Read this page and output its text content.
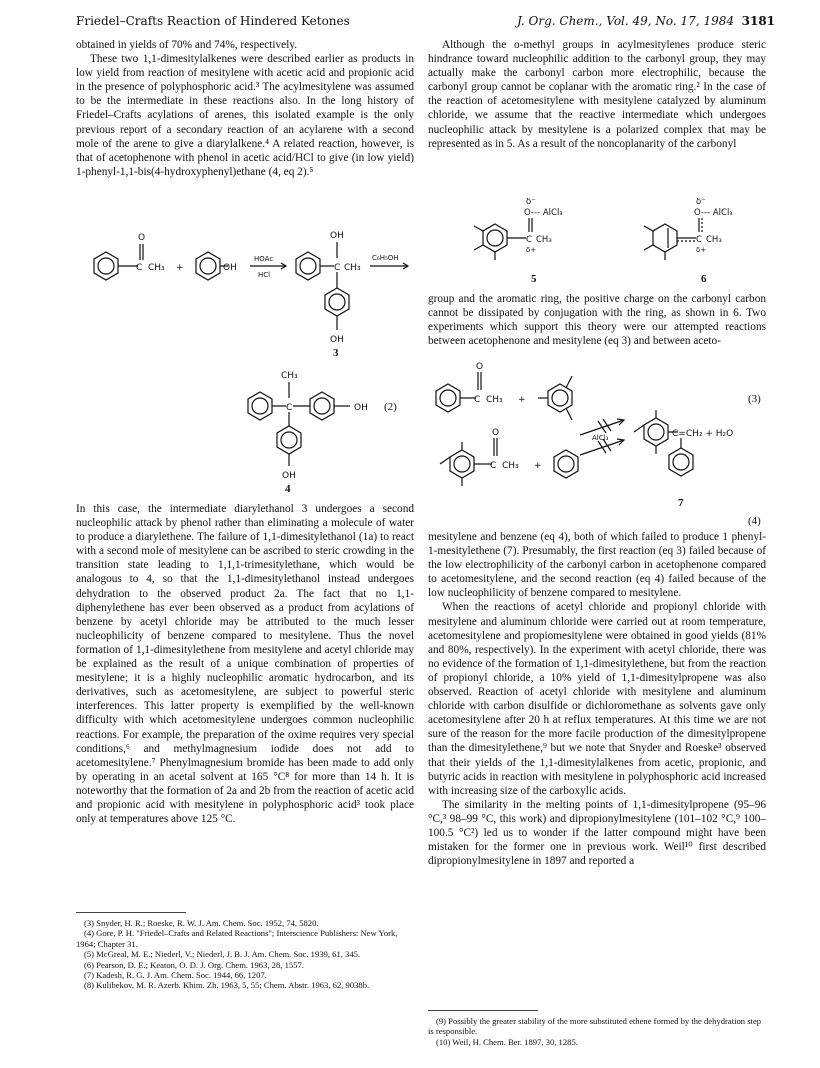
Friedel–Crafts Reaction of Hindered Ketones	J. Org. Chem., Vol. 49, No. 17, 1984 3181

obtained in yields of 70% and 74%, respectively.

These two 1,1-dimesitylalkenes were described earlier as products in low yield from reaction of mesitylene with acetic acid and propionic acid in the presence of polyphosphoric acid.³ The acylmesitylene was assumed to be the intermediate in these reactions also. In the long history of Friedel–Crafts acylations of arenes, this isolated example is the only previous report of a secondary reaction of an acylarene with a second mole of the arene to give a diarylalkene.⁴ A related reaction, however, is that of acetophenone with phenol in acetic acid/HCl to give (in low yield) 1-phenyl-1,1-bis(4-hydroxyphenyl)ethane (4, eq 2).⁵

O
C CH₃ +	OH
HOAc
HCl
OH
C CH₃
C₆H₅OH
OH
3
CH₃
C	OH (2)
OH
4

In this case, the intermediate diarylethanol 3 undergoes a second nucleophilic attack by phenol rather than eliminating a molecule of water to produce a diarylethene. The failure of 1,1-dimesitylethanol (1a) to react with a second mole of mesitylene can be ascribed to steric crowding in the transition state leading to 1,1,1-trimesitylethane, which would be analogous to 4, so that the 1,1-dimesitylethanol instead undergoes dehydration to the observed product 2a. The fact that no 1,1-diphenylethene has ever been observed as a product from acylations of benzene by acetyl chloride may be attributed to the much lesser nucleophilicity of benzene compared to mesitylene. Thus the novel formation of 1,1-dimesitylethene from mesitylene and acetyl chloride may be explained as the result of a unique combination of properties of mesitylene; it is a highly nucleophilic aromatic hydrocarbon, and its derivatives, such as acetomesitylene, are subject to powerful steric interferences. This latter property is exemplified by the well-known difficulty with which acetomesitylene undergoes common nucleophilic reactions. For example, the preparation of the oxime requires very special conditions,⁶ and methylmagnesium iodide does not add to acetomesitylene.⁷ Phenylmagnesium bromide has been made to add only by operating in an acetal solvent at 165 °C⁸ for more than 14 h. It is noteworthy that the formation of 2a and 2b from the reaction of acetic acid and propionic acid with mesitylene in polyphosphoric acid³ took place only at temperatures above 125 °C.

(3) Snyder, H. R.; Roeske, R. W. J. Am. Chem. Soc. 1952, 74, 5820.
(4) Gore, P. H. "Friedel–Crafts and Related Reactions"; Interscience Publishers: New York, 1964; Chapter 31.
(5) McGreal, M. E.; Niederl, V.; Niederl, J. B. J. Am. Chem. Soc. 1939, 61, 345.
(6) Pearson, D. E.; Keaton, O. D. J. Org. Chem. 1963, 28, 1557.
(7) Kadesh, R. G. J. Am. Chem. Soc. 1944, 66, 1207.
(8) Kulibekov, M. R. Azerb. Khim. Zh. 1963, 5, 55; Chem. Abstr. 1963, 62, 9038b.

Although the o-methyl groups in acylmesitylenes produce steric hindrance toward nucleophilic addition to the carbonyl group, they may actually make the carbonyl carbon more electrophilic, because the carbonyl group cannot be coplanar with the aromatic ring.² In the case of the reaction of acetomesitylene with mesitylene catalyzed by aluminum chloride, we assume that the reactive intermediate which undergoes nucleophilic attack by mesitylene is a polarized complex that may be represented as in 5. As a result of the noncoplanarity of the carbonyl

δ⁻
O--- AlCl₃
C CH₃
δ+
5
δ⁻
O--- AlCl₃
C CH₃
δ+
6

group and the aromatic ring, the positive charge on the carbonyl carbon cannot be dissipated by conjugation with the ring, as shown in 6. Two experiments which support this theory were our attempted reactions between acetophenone and mesitylene (eq 3) and between aceto-

O
C CH₃ +	(3)
AlCl₃	C=CH₂ + H₂O
O
C CH₃ +
7
(4)

mesitylene and benzene (eq 4), both of which failed to produce 1 phenyl-1-mesitylethene (7). Presumably, the first reaction (eq 3) failed because of the low electrophilicity of the carbonyl carbon in acetophenone compared to acetomesitylene, and the second reaction (eq 4) failed because of the low nucleophilicity of benzene compared to mesitylene.

When the reactions of acetyl chloride and propionyl chloride with mesitylene and aluminum chloride were carried out at room temperature, acetomesitylene and propiomesitylene were obtained in good yields (81% and 80%, respectively). In the experiment with acetyl chloride, there was no evidence of the formation of 1,1-dimesitylethene, but from the reaction of propionyl chloride, a 10% yield of 1,1-dimesitylpropene was also observed. Reaction of acetyl chloride with mesitylene and aluminum chloride with carbon disulfide or dichloromethane as solvents gave only acetomesitylene after 20 h at reflux temperatures. At this time we are not sure of the reason for the more facile production of the dimesitylpropene than the dimesitylethene,⁹ but we note that Snyder and Roeske³ observed that their yields of the 1,1-dimesitylalkenes from acetic, propionic, and butyric acids in reaction with mesitylene in polyphosphoric acid increased with increasing size of the carboxylic acids.

The similarity in the melting points of 1,1-dimesitylpropene (95–96 °C,³ 98–99 °C, this work) and dipropionylmesitylene (101–102 °C,⁹ 100–100.5 °C²) led us to wonder if the latter compound might have been mistaken for the former one in previous work. Weil¹⁰ first described dipropionylmesitylene in 1897 and reported a

(9) Possibly the greater stability of the more substituted ethene formed by the dehydration step is responsible.
(10) Weil, H. Chem. Ber. 1897, 30, 1285.
